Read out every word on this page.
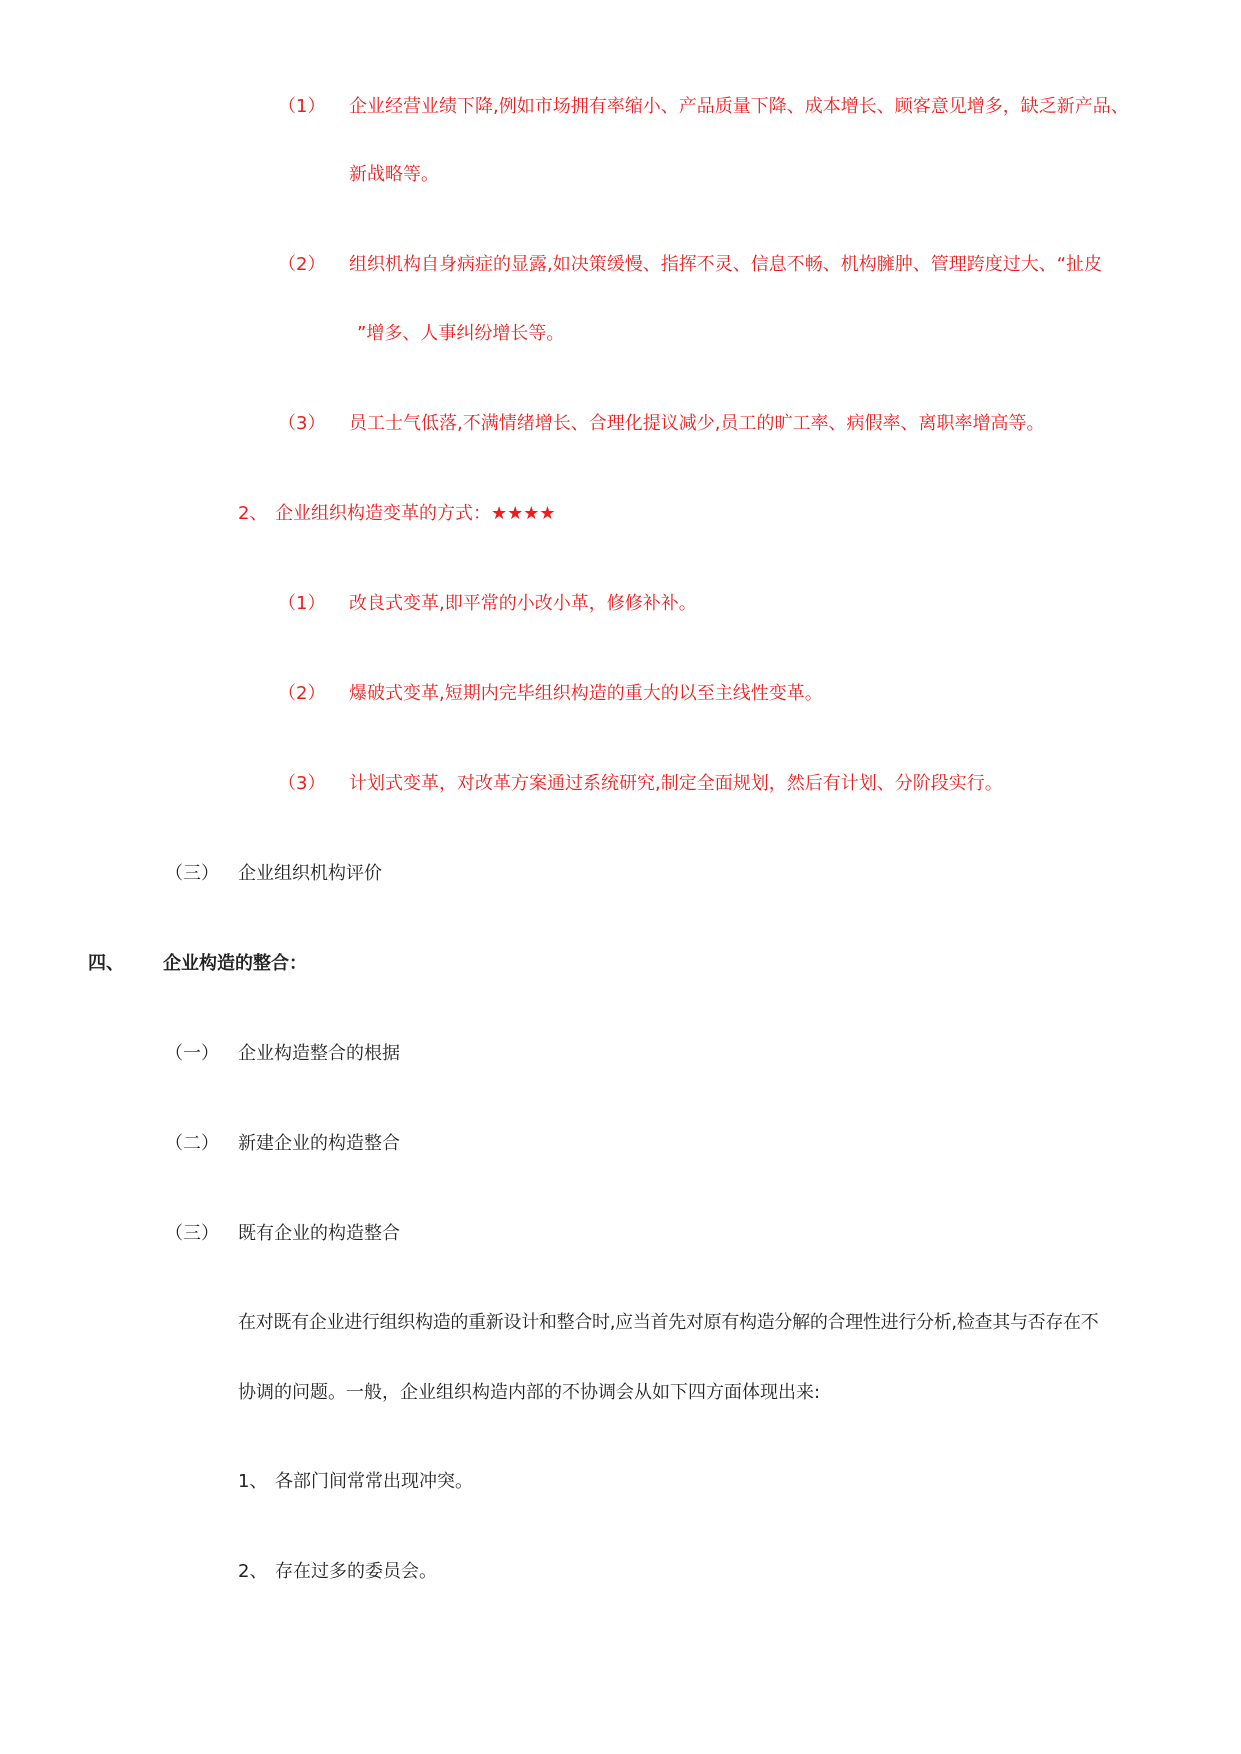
（1） 企业经营业绩下降,例如市场拥有率缩小、产品质量下降、成本增长、顾客意见增多，缺乏新产品、
新战略等。
（2） 组织机构自身病症的显露,如决策缓慢、指挥不灵、信息不畅、机构臃肿、管理跨度过大、“扯皮
”增多、人事纠纷增长等。
（3） 员工士气低落,不满情绪增长、合理化提议减少,员工的旷工率、病假率、离职率增高等。
2、 企业组织构造变革的方式：★★★★
（1） 改良式变革,即平常的小改小革，修修补补。
（2） 爆破式变革,短期内完毕组织构造的重大的以至主线性变革。
（3） 计划式变革，对改革方案通过系统研究,制定全面规划，然后有计划、分阶段实行。
（三） 企业组织机构评价
四、 企业构造的整合：
（一） 企业构造整合的根据
（二） 新建企业的构造整合
（三） 既有企业的构造整合
在对既有企业进行组织构造的重新设计和整合时,应当首先对原有构造分解的合理性进行分析,检查其与否存在不
协调的问题。一般，企业组织构造内部的不协调会从如下四方面体现出来:
1、 各部门间常常出现冲突。
2、 存在过多的委员会。
